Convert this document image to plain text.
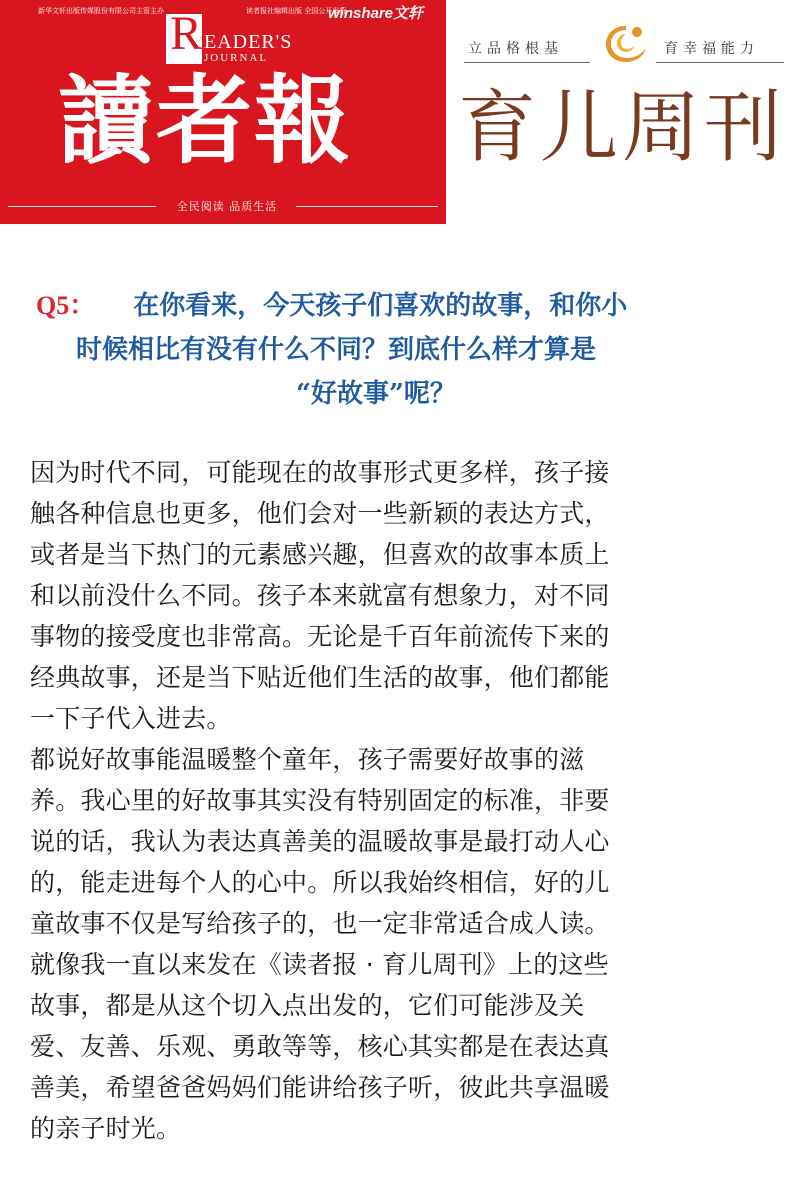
新华文轩出版传媒股份有限公司主管主办	读者报社编辑出版 全国公开发行
winshare文轩
R EADER'S
JOURNAL
讀者報
全民阅读 品质生活
立品格根基	育幸福能力
育儿周刊
Q5： 在你看来，今天孩子们喜欢的故事，和你小
时候相比有没有什么不同？到底什么样才算是
“好故事”呢？
因为时代不同，可能现在的故事形式更多样，孩子接
触各种信息也更多，他们会对一些新颖的表达方式，
或者是当下热门的元素感兴趣，但喜欢的故事本质上
和以前没什么不同。孩子本来就富有想象力，对不同
事物的接受度也非常高。无论是千百年前流传下来的
经典故事，还是当下贴近他们生活的故事，他们都能
一下子代入进去。
都说好故事能温暖整个童年，孩子需要好故事的滋
养。我心里的好故事其实没有特别固定的标准，非要
说的话，我认为表达真善美的温暖故事是最打动人心
的，能走进每个人的心中。所以我始终相信，好的儿
童故事不仅是写给孩子的，也一定非常适合成人读。
就像我一直以来发在《读者报 · 育儿周刊》上的这些
故事，都是从这个切入点出发的，它们可能涉及关
爱、友善、乐观、勇敢等等，核心其实都是在表达真
善美，希望爸爸妈妈们能讲给孩子听，彼此共享温暖
的亲子时光。
